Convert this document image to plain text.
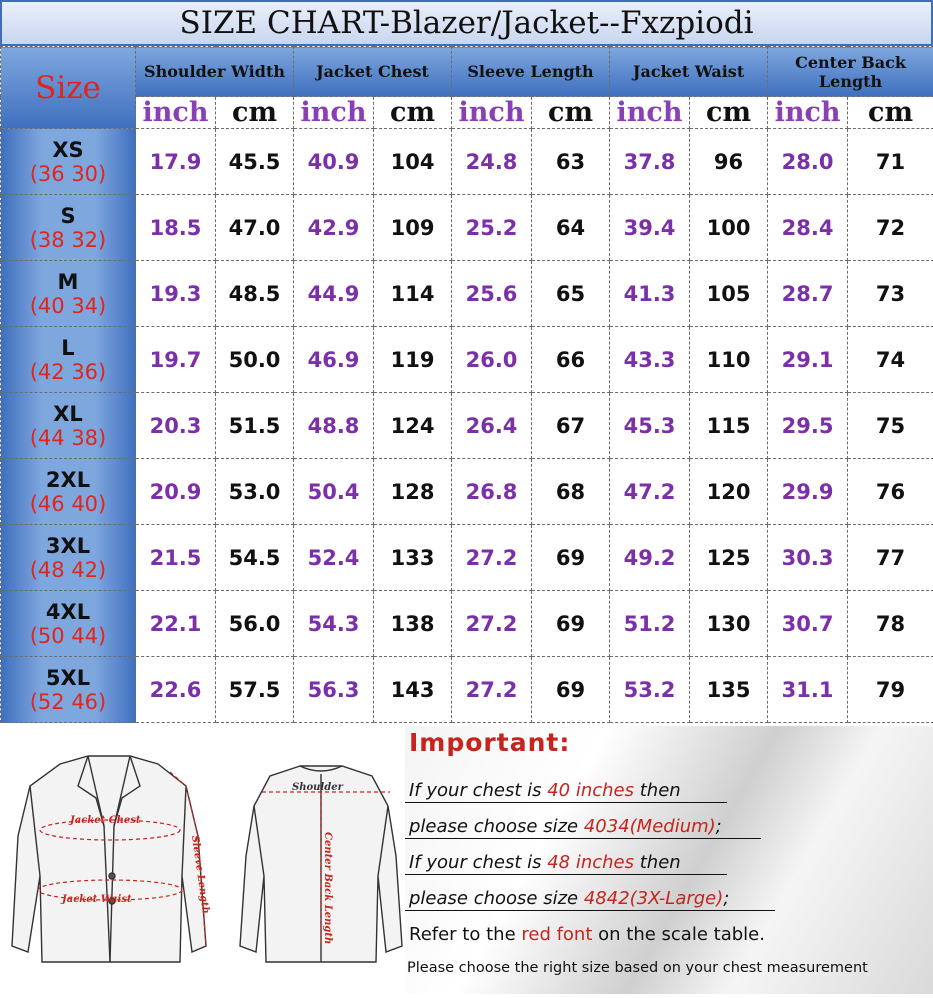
SIZE CHART-Blazer/Jacket--Fxzpiodi
Size	Shoulder Width		Jacket Chest		Sleeve Length		Jacket Waist		Center Back Length	
	inch	cm	inch	cm	inch	cm	inch	cm	inch	cm

XS
(36 30)	17.9	45.5	40.9	104	24.8	63	37.8	96	28.0	71

S
(38 32)	18.5	47.0	42.9	109	25.2	64	39.4	100	28.4	72

M
(40 34)	19.3	48.5	44.9	114	25.6	65	41.3	105	28.7	73

L
(42 36)	19.7	50.0	46.9	119	26.0	66	43.3	110	29.1	74

XL
(44 38)	20.3	51.5	48.8	124	26.4	67	45.3	115	29.5	75

2XL
(46 40)	20.9	53.0	50.4	128	26.8	68	47.2	120	29.9	76

3XL
(48 42)	21.5	54.5	52.4	133	27.2	69	49.2	125	30.3	77

4XL
(50 44)	22.1	56.0	54.3	138	27.2	69	51.2	130	30.7	78

5XL
(52 46)	22.6	57.5	56.3	143	27.2	69	53.2	135	31.1	79
Jacket Chest
Jacket Waist	Sleeve Length
Shoulder
Center Back Length
Important:
If your chest is 40 inches then
please choose size 4034(Medium);
If your chest is 48 inches then
please choose size 4842(3X-Large);
Refer to the red font on the scale table.
Please choose the right size based on your chest measurement
